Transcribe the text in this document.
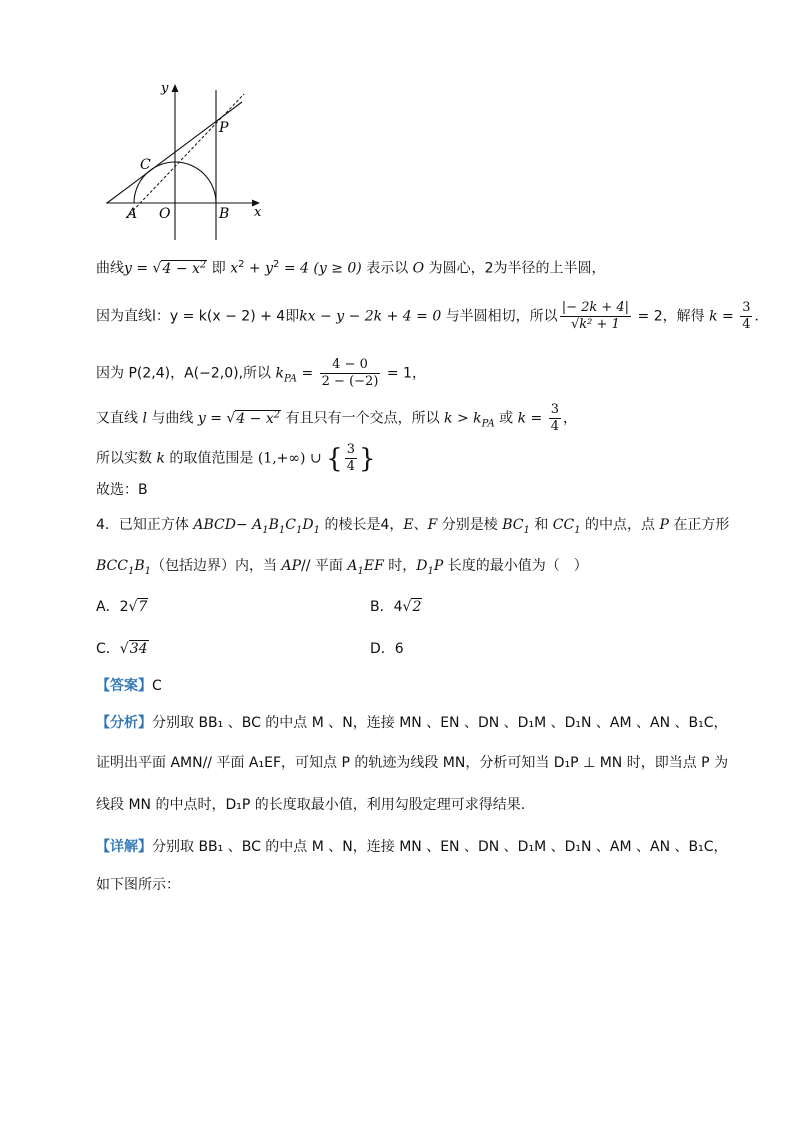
y
x
P
C
A O	B
曲线$y = √4 - x^2$ 即 $x^2 + y^2 = 4$ (y ≥ 0) 表示以 O 为圆心，2为半径的上半圆，
因为直线l：y = k(x − 2) + 4即kx − y − 2k + 4 = 0 与半圆相切，所以 $\frac{|- 2k + 4|}{\text{√k² + 1}} = 2$，解得 $k = \frac{3}{4}$ ．
因为 P(2,4)，A(−2,0),所以 $k_{PA} = \frac{4 - 0}{2 - (-2)} = 1$，
又直线 l 与曲线 $y = √4 - x^2$ 有且只有一个交点，所以 $k > k_{PA}$ 或 $k = \frac{3}{4}$ ，
所以实数 k 的取值范围是 (1,+∞) ∪ { $\frac{3}{4}$ }
故选：B
4．已知正方体 ABCD− $A_1B_1C_1D_1$ 的棱长是4，E、F 分别是棱 $BC_1$ 和 $CC_1$ 的中点，点 P 在正方形
$BCC_1B_1$（包括边界）内，当 AP// 平面 $A_1EF$ 时，$D_1P$ 长度的最小值为（　）
A．2√7	B．4√2
C．√34	D．6
【答案】C
【分析】分别取 BB₁ 、BC 的中点 M 、N，连接 MN 、EN 、DN 、D₁M 、D₁N 、AM 、AN 、B₁C，
证明出平面 AMN// 平面 A₁EF，可知点 P 的轨迹为线段 MN，分析可知当 D₁P ⊥ MN 时，即当点 P 为
线段 MN 的中点时，D₁P 的长度取最小值，利用勾股定理可求得结果.
【详解】分别取 BB₁ 、BC 的中点 M 、N，连接 MN 、EN 、DN 、D₁M 、D₁N 、AM 、AN 、B₁C，
如下图所示：
